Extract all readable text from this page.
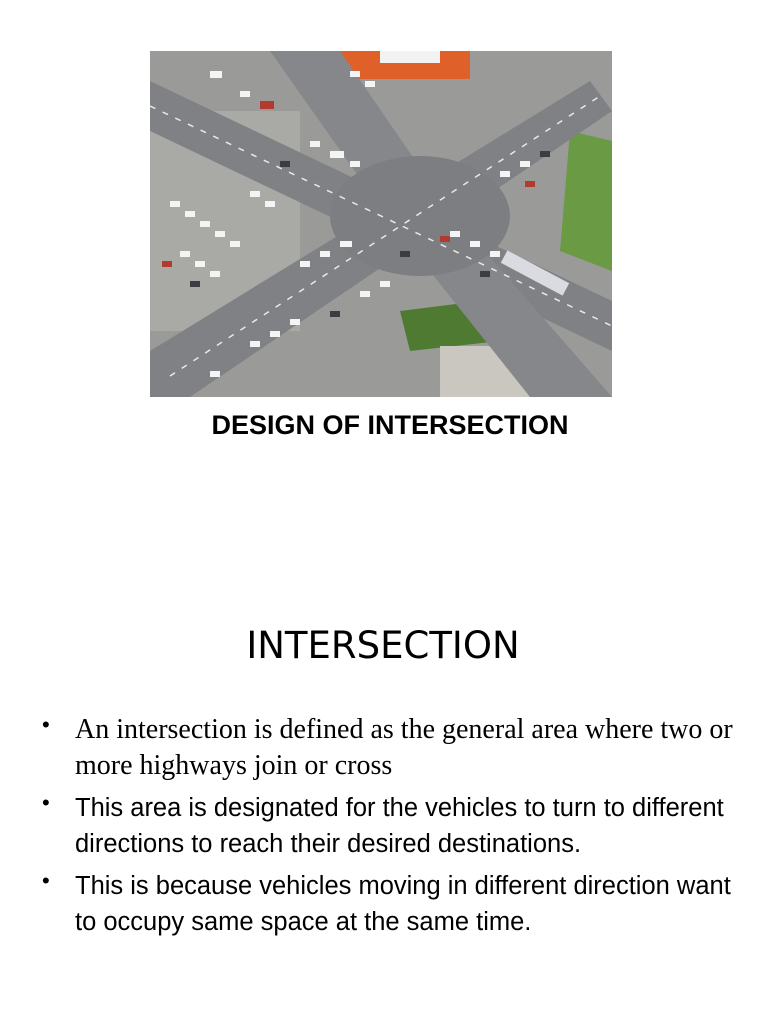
DESIGN OF INTERSECTION
INTERSECTION
• An intersection is defined as the general area where two or more highways join or cross
• This area is designated for the vehicles to turn to different directions to reach their desired destinations.
• This is because vehicles moving in different direction want to occupy same space at the same time.
